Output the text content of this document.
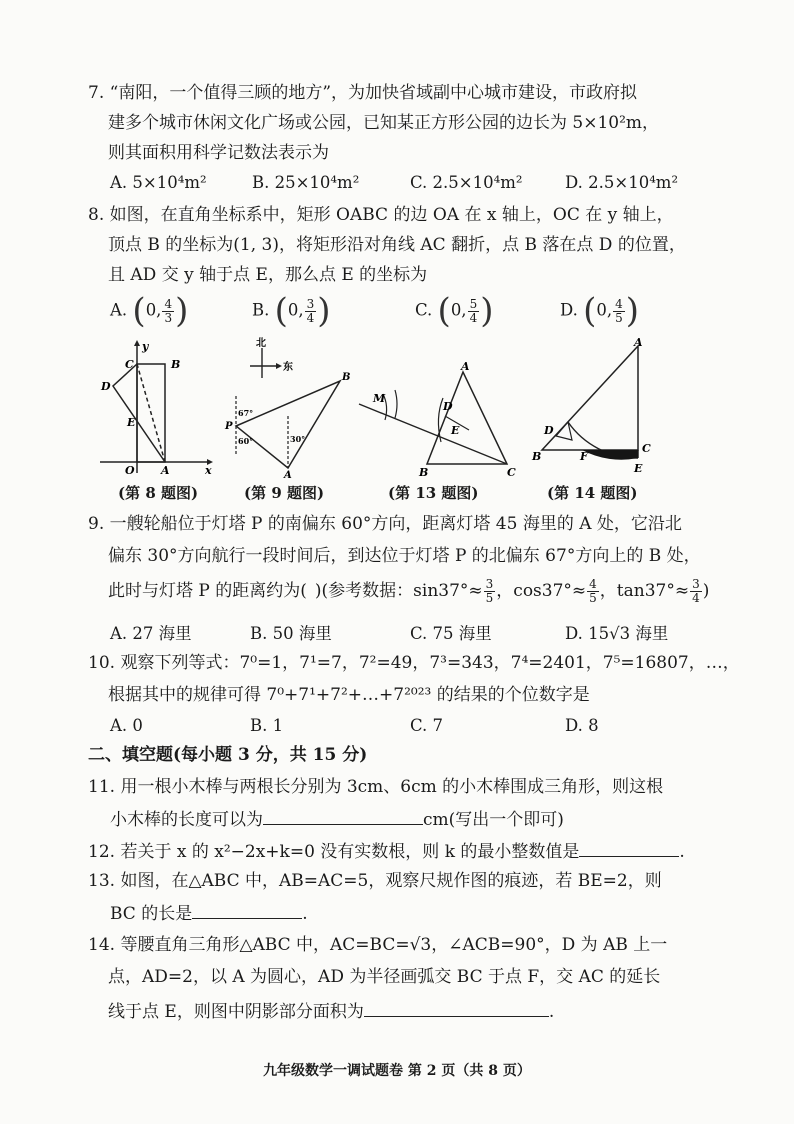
7. “南阳，一个值得三顾的地方”，为加快省域副中心城市建设，市政府拟
建多个城市休闲文化广场或公园，已知某正方形公园的边长为 5×10²m，
则其面积用科学记数法表示为
A. 5×10⁴m²	B. 25×10⁴m²	C. 2.5×10⁴m²	D. 2.5×10⁴m²
8. 如图，在直角坐标系中，矩形 OABC 的边 OA 在 x 轴上，OC 在 y 轴上，
顶点 B 的坐标为(1, 3)，将矩形沿对角线 AC 翻折，点 B 落在点 D 的位置，
且 AD 交 y 轴于点 E，那么点 E 的坐标为
A. (0, $\frac{4}{3}$ )	B. (0, $\frac{3}{4}$ )	C. (0, $\frac{5}{4}$ )	D. (0, $\frac{4}{5}$ )
C
y
B
D
E
O A	x
(第 8 题图)
北
东
P
B
A
67°
60°	30°
(第 9 题图)
M
A
D
E
B	C
(第 13 题图)
A
D
B	F
C
E
(第 14 题图)
9. 一艘轮船位于灯塔 P 的南偏东 60°方向，距离灯塔 45 海里的 A 处，它沿北
偏东 30°方向航行一段时间后，到达位于灯塔 P 的北偏东 67°方向上的 B 处，
此时与灯塔 P 的距离约为( )(参考数据：$\sin 37^\circ\approx \frac{3}{5}$ ，$\cos 37^\circ\approx \frac{4}{5}$ ，$\tan 37^\circ\approx \frac{3}{4}$ )
A. 27 海里	B. 50 海里	C. 75 海里	D. 15√3 海里
10. 观察下列等式：7⁰=1，7¹=7，7²=49，7³=343，7⁴=2401，7⁵=16807，…，
根据其中的规律可得 7⁰+7¹+7²+…+7²⁰²³ 的结果的个位数字是
A. 0	B. 1	C. 7	D. 8
二、填空题(每小题 3 分，共 15 分)
11. 用一根小木棒与两根长分别为 3cm、6cm 的小木棒围成三角形，则这根
小木棒的长度可以为	cm(写出一个即可)
12. 若关于 x 的 x²−2x+k=0 没有实数根，则 k 的最小整数值是	.
13. 如图，在△ABC 中，AB=AC=5，观察尺规作图的痕迹，若 BE=2，则
BC 的长是	.
14. 等腰直角三角形△ABC 中，AC=BC=√3，∠ACB=90°，D 为 AB 上一
点，AD=2，以 A 为圆心，AD 为半径画弧交 BC 于点 F，交 AC 的延长
线于点 E，则图中阴影部分面积为	.
九年级数学一调试题卷 第 2 页（共 8 页）
